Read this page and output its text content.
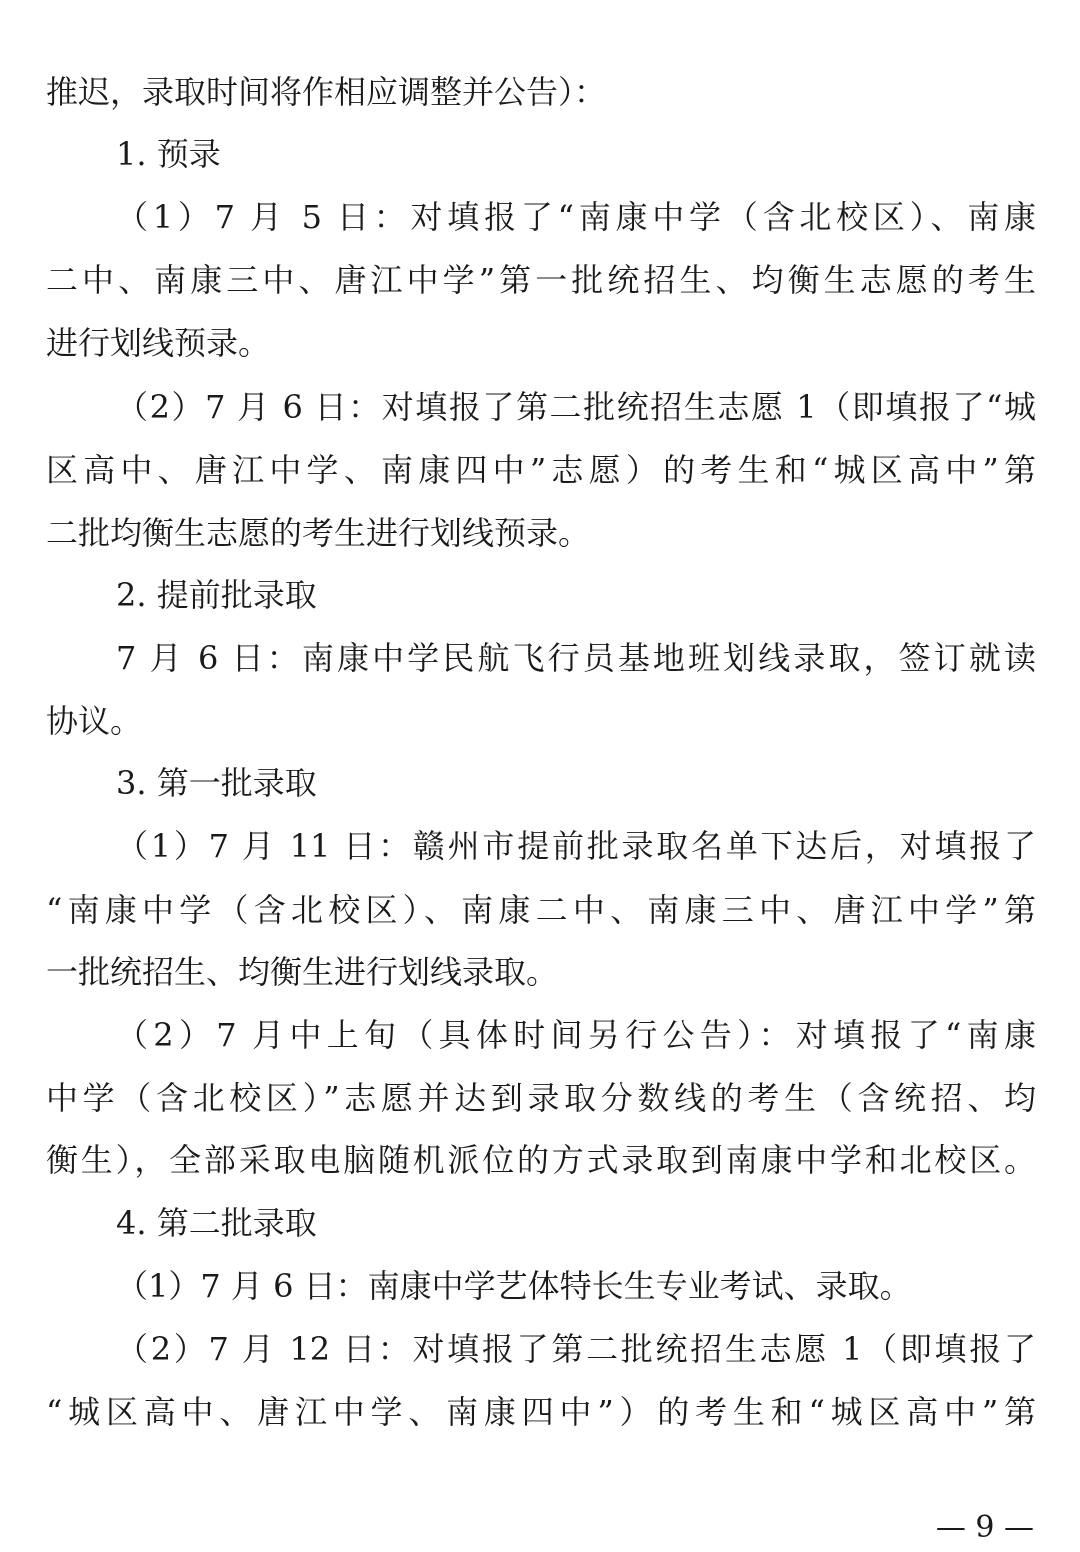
推迟，录取时间将作相应调整并公告）：
1. 预录
（1）7 月 5 日：对填报了“南康中学（含北校区）、南康
二中、南康三中、唐江中学”第一批统招生、均衡生志愿的考生
进行划线预录。
（2）7 月 6 日：对填报了第二批统招生志愿 1（即填报了“城
区高中、唐江中学、南康四中”志愿）的考生和“城区高中”第
二批均衡生志愿的考生进行划线预录。
2. 提前批录取
7 月 6 日：南康中学民航飞行员基地班划线录取，签订就读
协议。
3. 第一批录取
（1）7 月 11 日：赣州市提前批录取名单下达后，对填报了
“南康中学（含北校区）、南康二中、南康三中、唐江中学”第
一批统招生、均衡生进行划线录取。
（2）7 月中上旬（具体时间另行公告）：对填报了“南康
中学（含北校区）”志愿并达到录取分数线的考生（含统招、均
衡生），全部采取电脑随机派位的方式录取到南康中学和北校区。
4. 第二批录取
（1）7 月 6 日：南康中学艺体特长生专业考试、录取。
（2）7 月 12 日：对填报了第二批统招生志愿 1（即填报了
“城区高中、唐江中学、南康四中”）的考生和“城区高中”第
— 9 —
